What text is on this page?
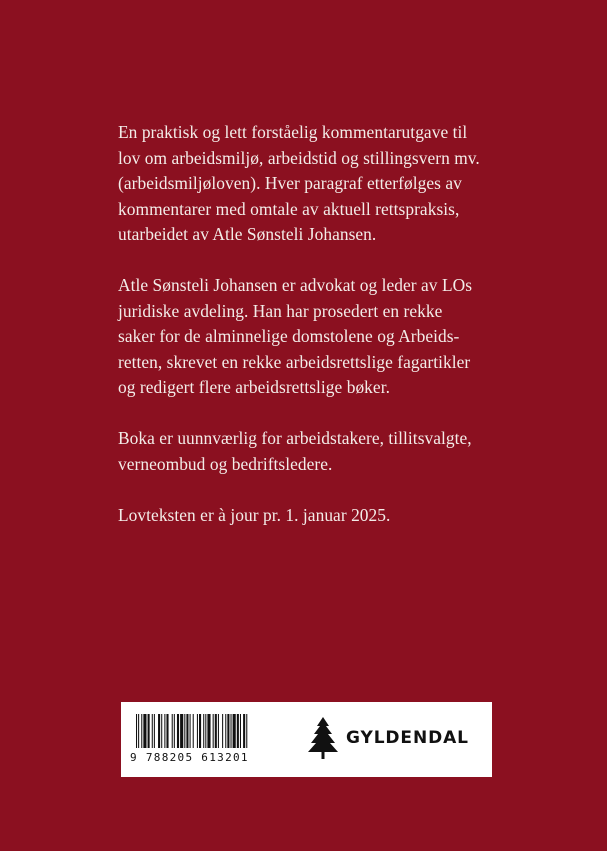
En praktisk og lett forståelig kommentarutgave til
lov om arbeidsmiljø, arbeidstid og stillingsvern mv.
(arbeidsmiljøloven). Hver paragraf etterfølges av
kommentarer med omtale av aktuell rettspraksis,
utarbeidet av Atle Sønsteli Johansen.

Atle Sønsteli Johansen er advokat og leder av LOs
juridiske avdeling. Han har prosedert en rekke
saker for de alminnelige domstolene og Arbeids-
retten, skrevet en rekke arbeidsrettslige fagartikler
og redigert flere arbeidsrettslige bøker.

Boka er uunnværlig for arbeidstakere, tillitsvalgte,
verneombud og bedriftsledere.

Lovteksten er à jour pr. 1. januar 2025.

9 788205 613201
GYLDENDAL
